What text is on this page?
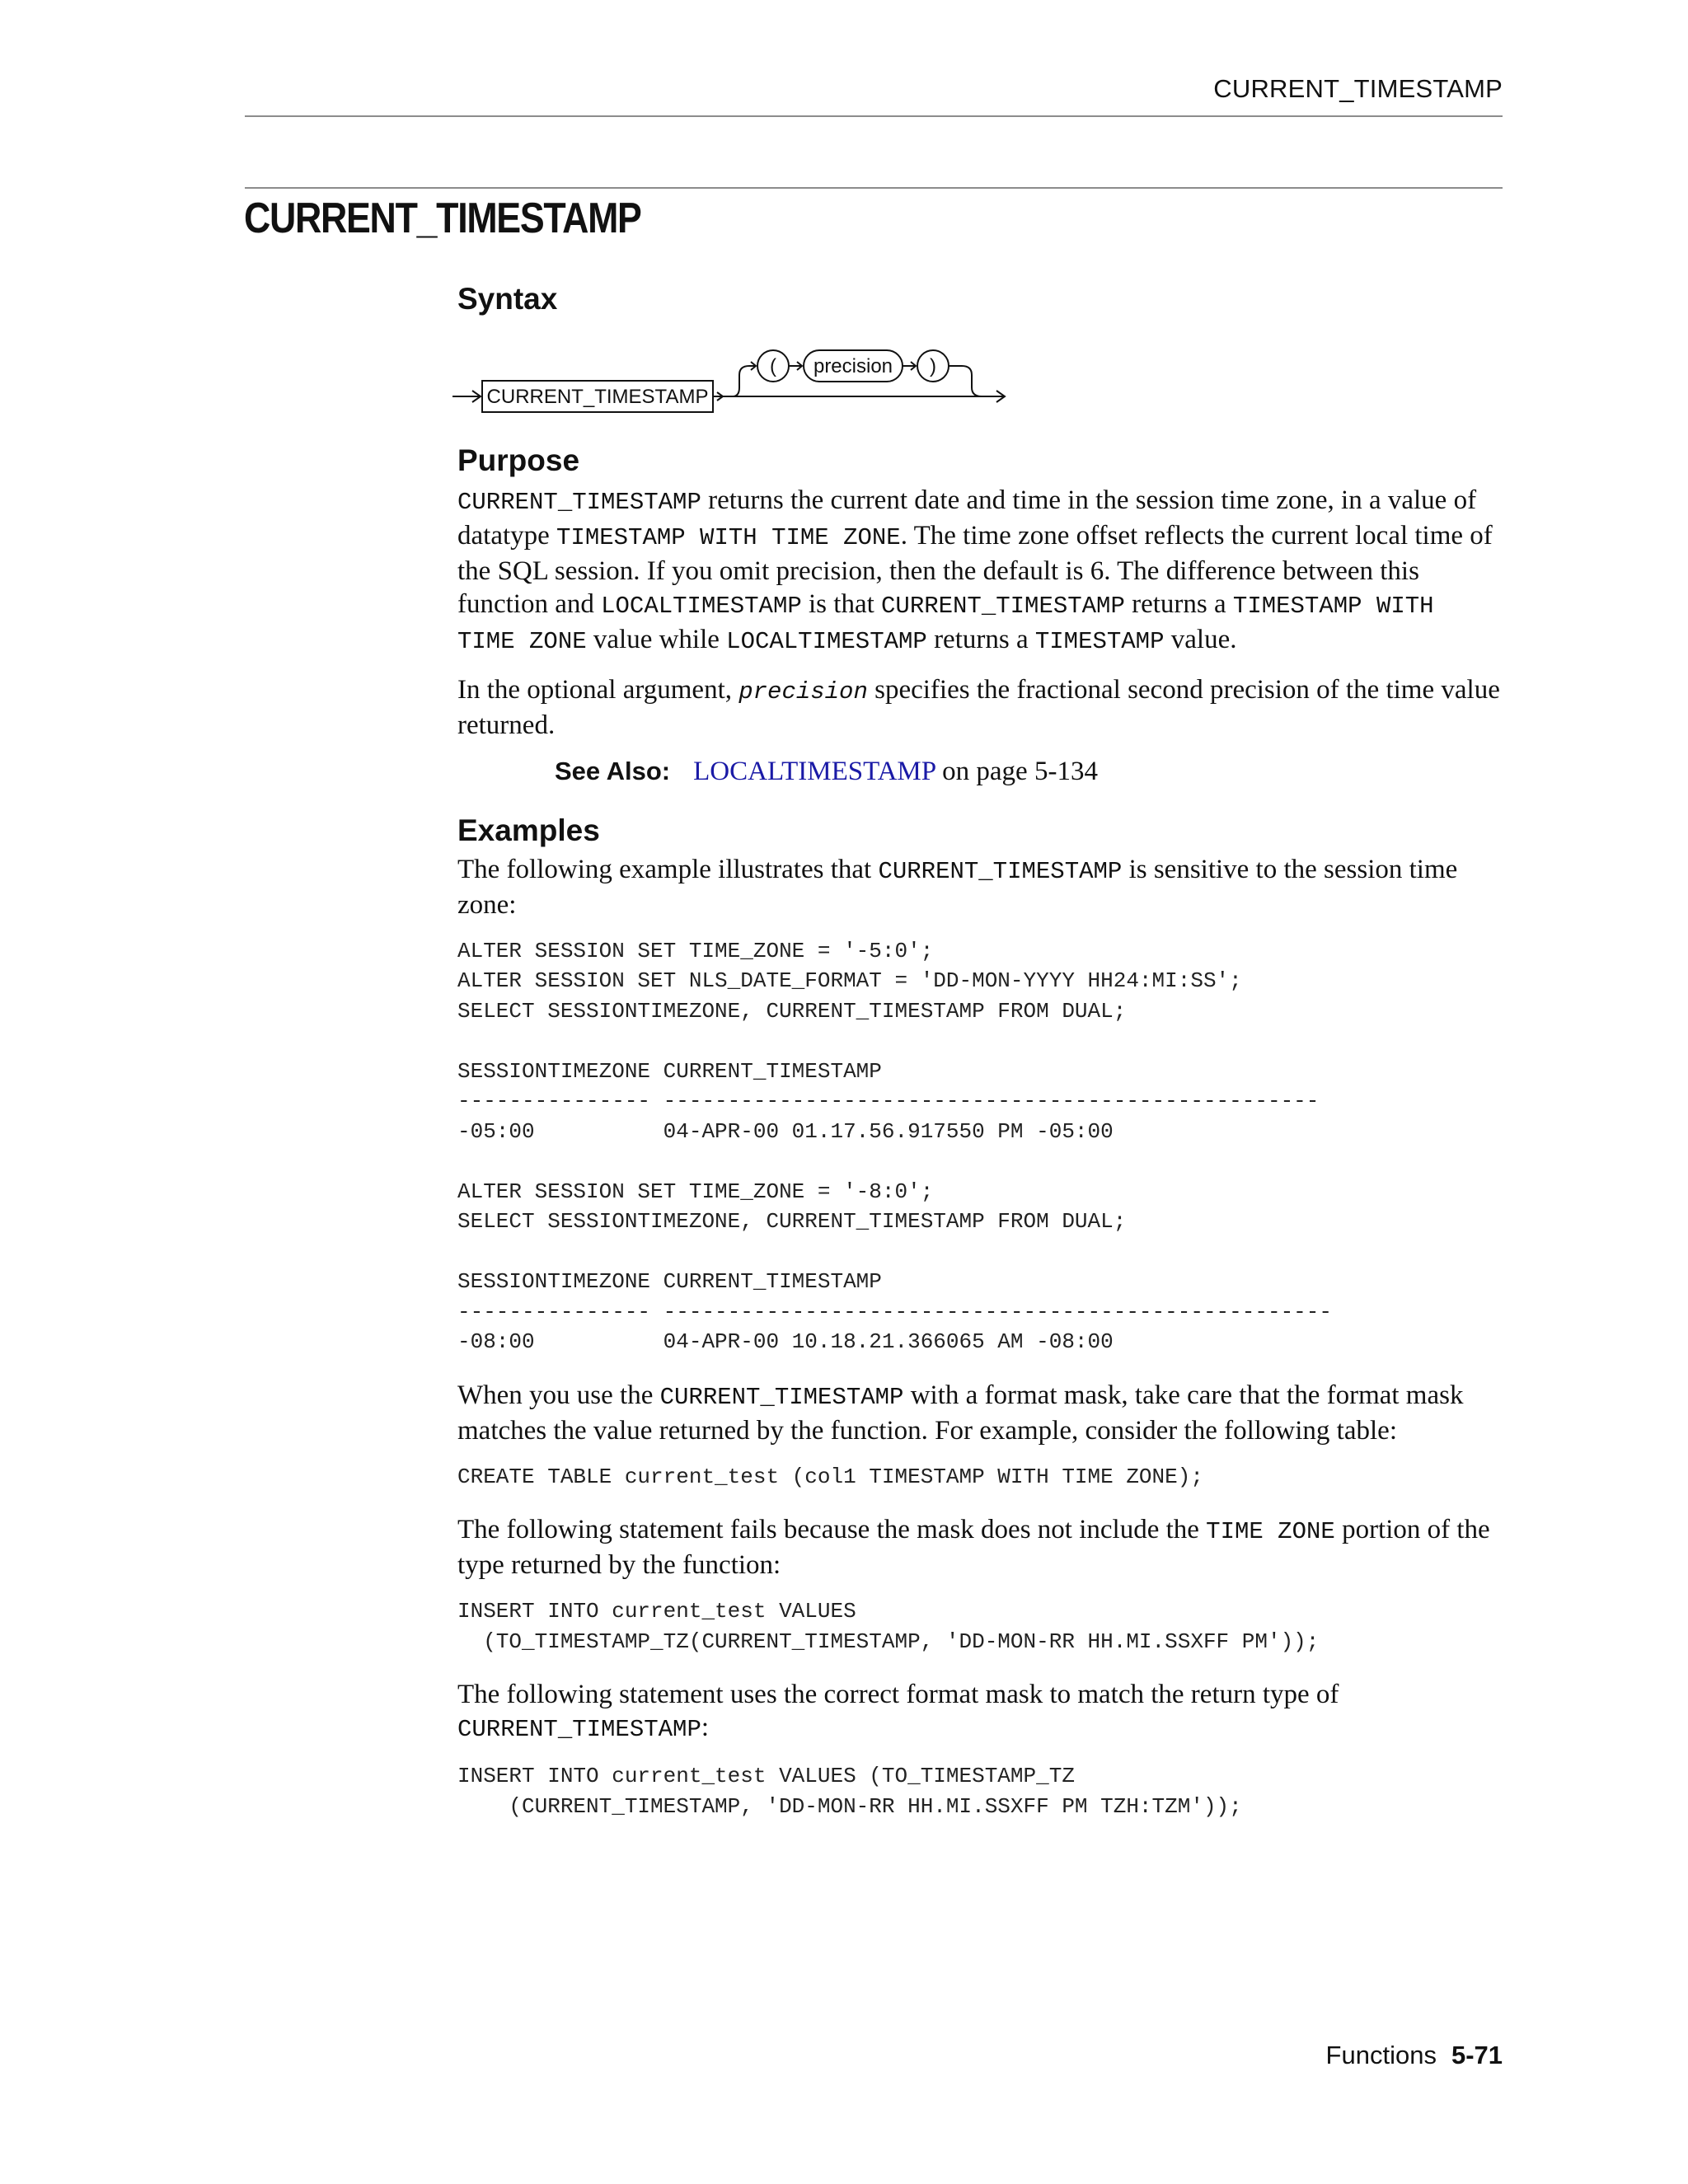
CURRENT_TIMESTAMP
CURRENT_TIMESTAMP
Syntax
CURRENT_TIMESTAMP
( precision )
Purpose

CURRENT_TIMESTAMP returns the current date and time in the session time zone, in a value of datatype TIMESTAMP WITH TIME ZONE. The time zone offset reflects the current local time of the SQL session. If you omit precision, then the default is 6. The difference between this function and LOCALTIMESTAMP is that CURRENT_TIMESTAMP returns a TIMESTAMP WITH TIME ZONE value while LOCALTIMESTAMP returns a TIMESTAMP value.

In the optional argument, precision specifies the fractional second precision of the time value returned.

See Also: LOCALTIMESTAMP on page 5-134
Examples

The following example illustrates that CURRENT_TIMESTAMP is sensitive to the session time zone:

ALTER SESSION SET TIME_ZONE = '-5:0';
ALTER SESSION SET NLS_DATE_FORMAT = 'DD-MON-YYYY HH24:MI:SS';
SELECT SESSIONTIMEZONE, CURRENT_TIMESTAMP FROM DUAL;

SESSIONTIMEZONE CURRENT_TIMESTAMP
--------------- ---------------------------------------------------
-05:00          04-APR-00 01.17.56.917550 PM -05:00

ALTER SESSION SET TIME_ZONE = '-8:0';
SELECT SESSIONTIMEZONE, CURRENT_TIMESTAMP FROM DUAL;

SESSIONTIMEZONE CURRENT_TIMESTAMP
--------------- ----------------------------------------------------
-08:00          04-APR-00 10.18.21.366065 AM -08:00

When you use the CURRENT_TIMESTAMP with a format mask, take care that the format mask matches the value returned by the function. For example, consider the following table:

CREATE TABLE current_test (col1 TIMESTAMP WITH TIME ZONE);

The following statement fails because the mask does not include the TIME ZONE portion of the type returned by the function:

INSERT INTO current_test VALUES
(TO_TIMESTAMP_TZ(CURRENT_TIMESTAMP, 'DD-MON-RR HH.MI.SSXFF PM'));

The following statement uses the correct format mask to match the return type of CURRENT_TIMESTAMP:

INSERT INTO current_test VALUES (TO_TIMESTAMP_TZ
(CURRENT_TIMESTAMP, 'DD-MON-RR HH.MI.SSXFF PM TZH:TZM'));
Functions 5-71
